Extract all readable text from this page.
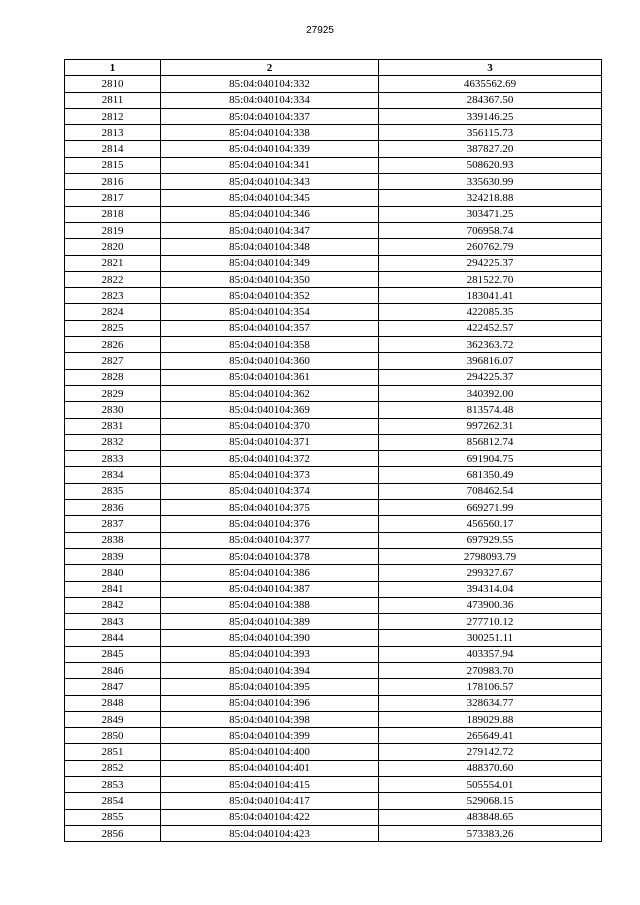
27925
1	2	3
2810	85:04:040104:332	4635562.69
2811	85:04:040104:334	284367.50
2812	85:04:040104:337	339146.25
2813	85:04:040104:338	356115.73
2814	85:04:040104:339	387827.20
2815	85:04:040104:341	508620.93
2816	85:04:040104:343	335630.99
2817	85:04:040104:345	324218.88
2818	85:04:040104:346	303471.25
2819	85:04:040104:347	706958.74
2820	85:04:040104:348	260762.79
2821	85:04:040104:349	294225.37
2822	85:04:040104:350	281522.70
2823	85:04:040104:352	183041.41
2824	85:04:040104:354	422085.35
2825	85:04:040104:357	422452.57
2826	85:04:040104:358	362363.72
2827	85:04:040104:360	396816.07
2828	85:04:040104:361	294225.37
2829	85:04:040104:362	340392.00
2830	85:04:040104:369	813574.48
2831	85:04:040104:370	997262.31
2832	85:04:040104:371	856812.74
2833	85:04:040104:372	691904.75
2834	85:04:040104:373	681350.49
2835	85:04:040104:374	708462.54
2836	85:04:040104:375	669271.99
2837	85:04:040104:376	456560.17
2838	85:04:040104:377	697929.55
2839	85:04:040104:378	2798093.79
2840	85:04:040104:386	299327.67
2841	85:04:040104:387	394314.04
2842	85:04:040104:388	473900.36
2843	85:04:040104:389	277710.12
2844	85:04:040104:390	300251.11
2845	85:04:040104:393	403357.94
2846	85:04:040104:394	270983.70
2847	85:04:040104:395	178106.57
2848	85:04:040104:396	328634.77
2849	85:04:040104:398	189029.88
2850	85:04:040104:399	265649.41
2851	85:04:040104:400	279142.72
2852	85:04:040104:401	488370.60
2853	85:04:040104:415	505554.01
2854	85:04:040104:417	529068.15
2855	85:04:040104:422	483848.65
2856	85:04:040104:423	573383.26
